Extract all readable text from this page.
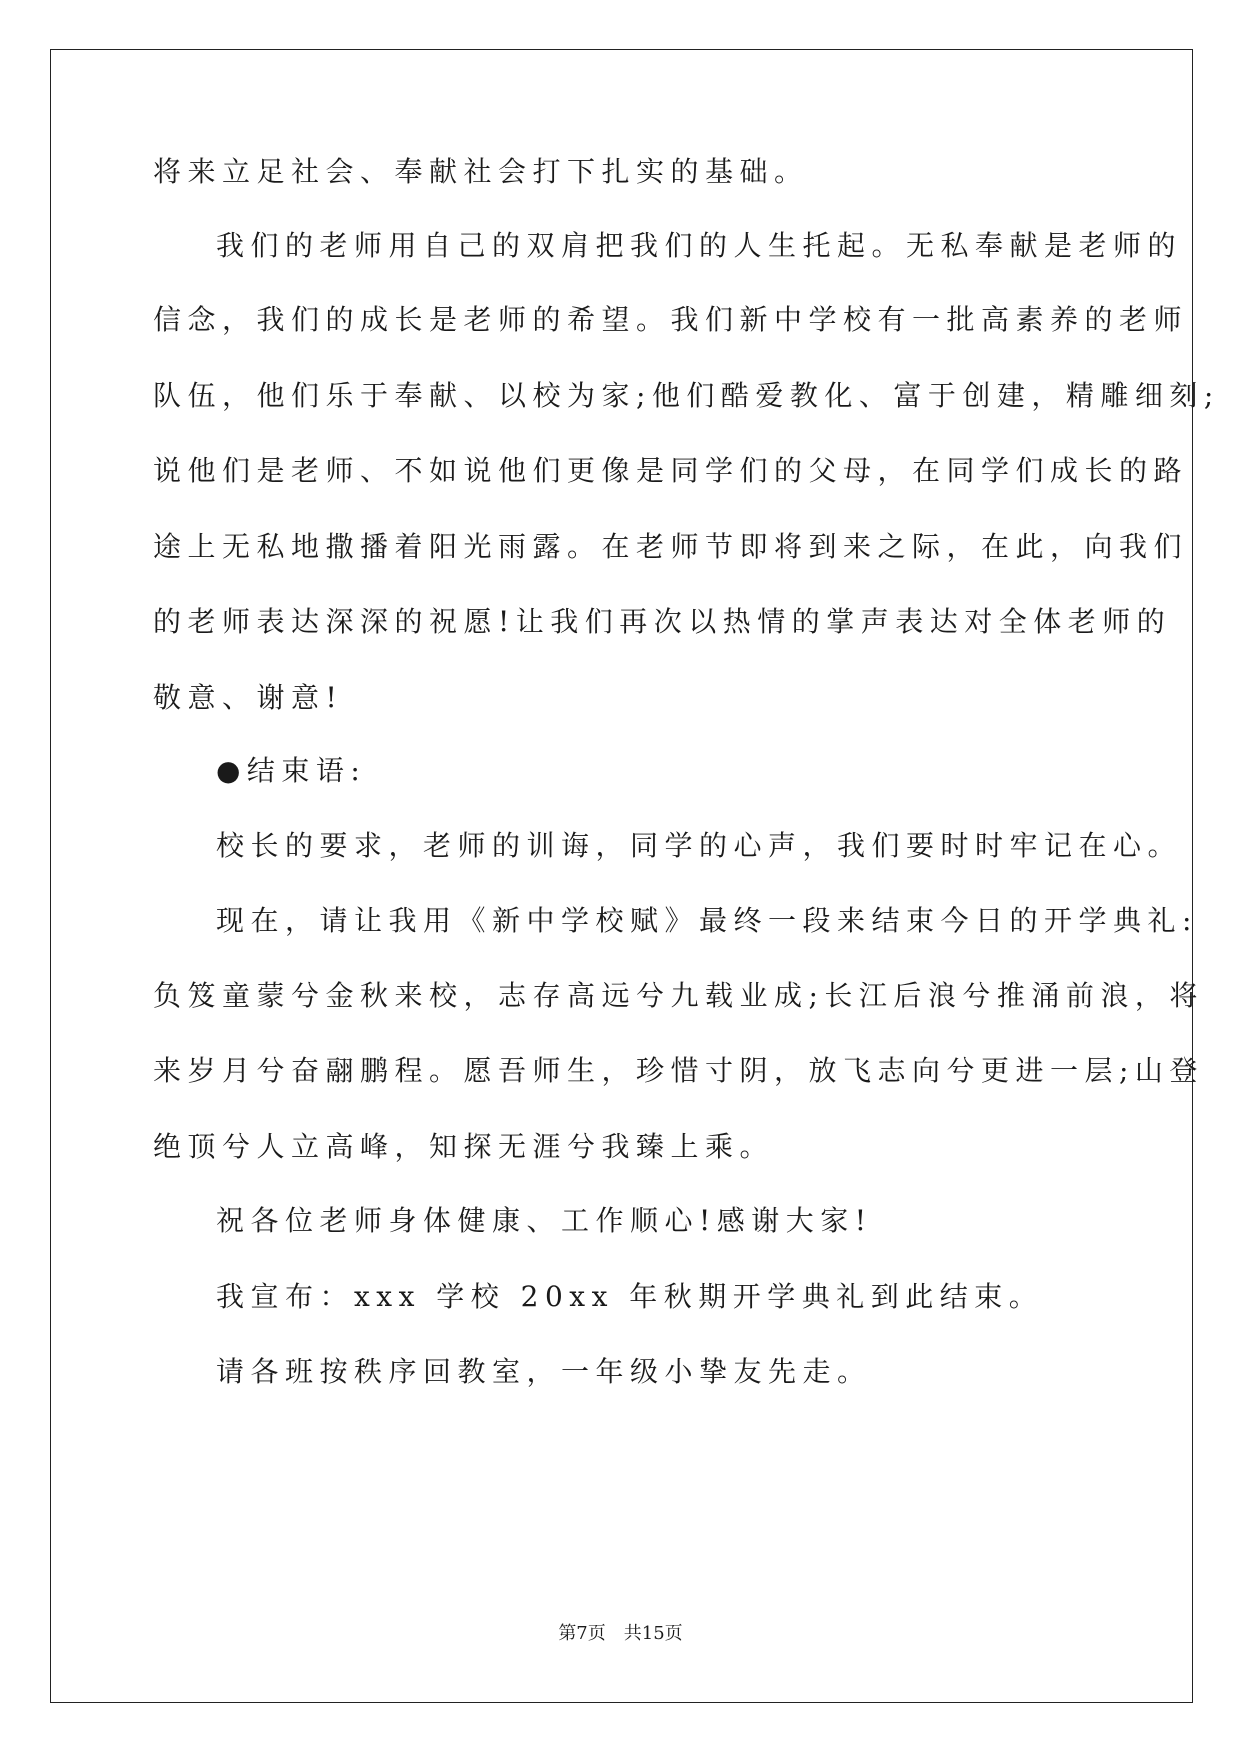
将来立足社会、奉献社会打下扎实的基础。
我们的老师用自己的双肩把我们的人生托起。无私奉献是老师的
信念，我们的成长是老师的希望。我们新中学校有一批高素养的老师
队伍，他们乐于奉献、以校为家;他们酷爱教化、富于创建，精雕细刻;
说他们是老师、不如说他们更像是同学们的父母，在同学们成长的路
途上无私地撒播着阳光雨露。在老师节即将到来之际，在此，向我们
的老师表达深深的祝愿!让我们再次以热情的掌声表达对全体老师的
敬意、谢意!
●结束语:
校长的要求，老师的训诲，同学的心声，我们要时时牢记在心。
现在，请让我用《新中学校赋》最终一段来结束今日的开学典礼:
负笈童蒙兮金秋来校，志存高远兮九载业成;长江后浪兮推涌前浪，将
来岁月兮奋翮鹏程。愿吾师生，珍惜寸阴，放飞志向兮更进一层;山登
绝顶兮人立高峰，知探无涯兮我臻上乘。
祝各位老师身体健康、工作顺心!感谢大家!
我宣布：xxx 学校 20xx 年秋期开学典礼到此结束。
请各班按秩序回教室，一年级小挚友先走。
第7页　共15页
